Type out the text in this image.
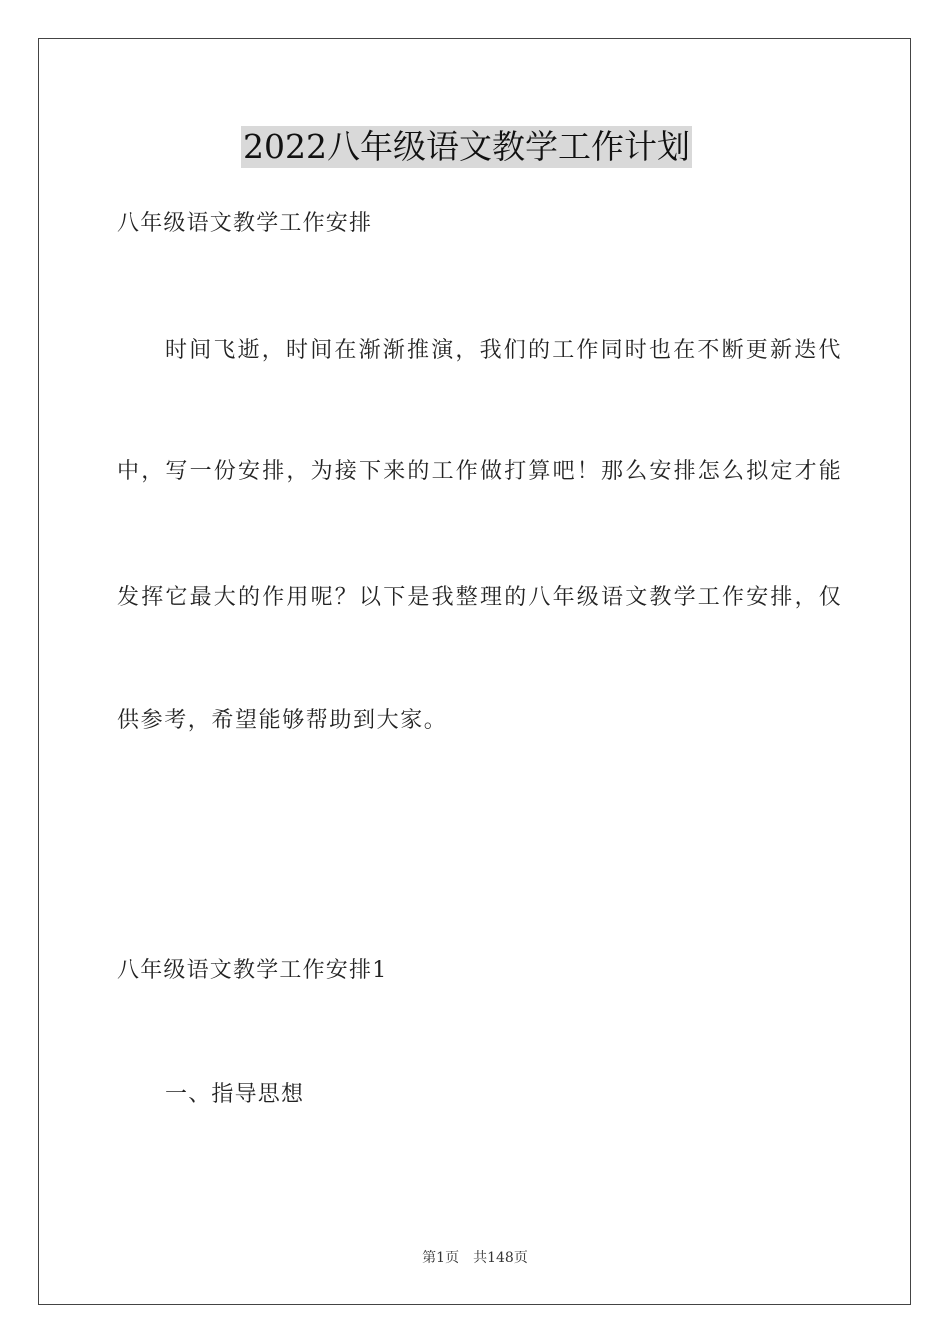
2022八年级语文教学工作计划
八年级语文教学工作安排
时间飞逝，时间在渐渐推演，我们的工作同时也在不断更新迭代
中，写一份安排，为接下来的工作做打算吧！那么安排怎么拟定才能
发挥它最大的作用呢？以下是我整理的八年级语文教学工作安排，仅
供参考，希望能够帮助到大家。
八年级语文教学工作安排1
一、指导思想
第1页 共148页
